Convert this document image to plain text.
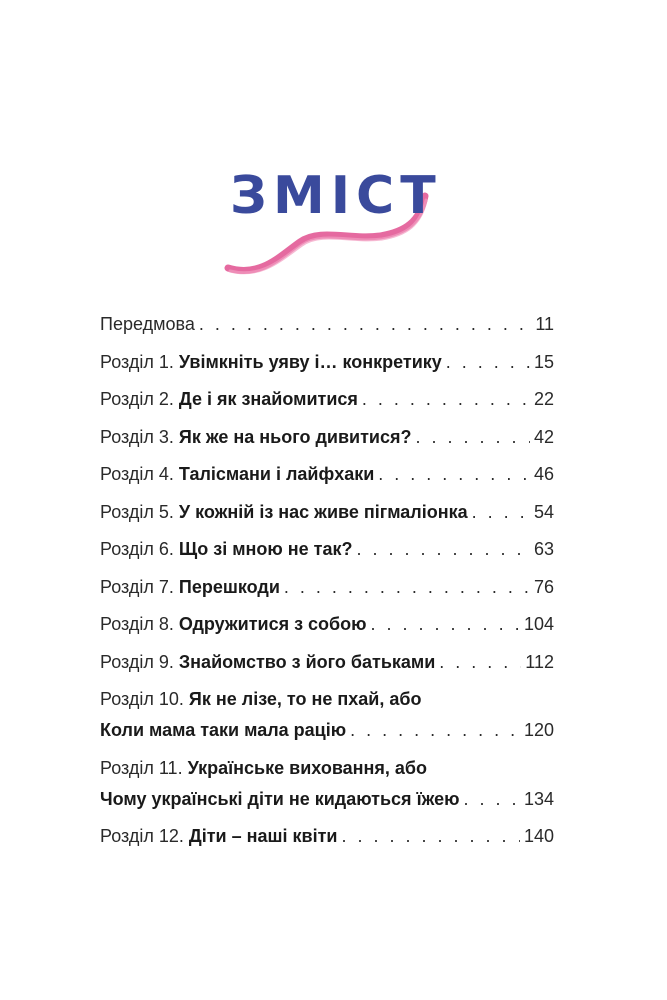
ЗМІСТ
Передмова . . .	11
Розділ 1. Увімкніть уяву і… конкретику . . .	15
Розділ 2. Де і як знайомитися . . .	22
Розділ 3. Як же на нього дивитися? . . .	42
Розділ 4. Талісмани і лайфхаки . . .	46
Розділ 5. У кожній із нас живе пігмаліонка . . .	54
Розділ 6. Що зі мною не так? . . .	63
Розділ 7. Перешкоди . . .	76
Розділ 8. Одружитися з собою . . .	104
Розділ 9. Знайомство з його батьками . . .	112
Розділ 10. Як не лізе, то не пхай, або
Коли мама таки мала рацію . . .	120
Розділ 11. Українське виховання, або
Чому українські діти не кидаються їжею . . .	134
Розділ 12. Діти – наші квіти . . .	140
